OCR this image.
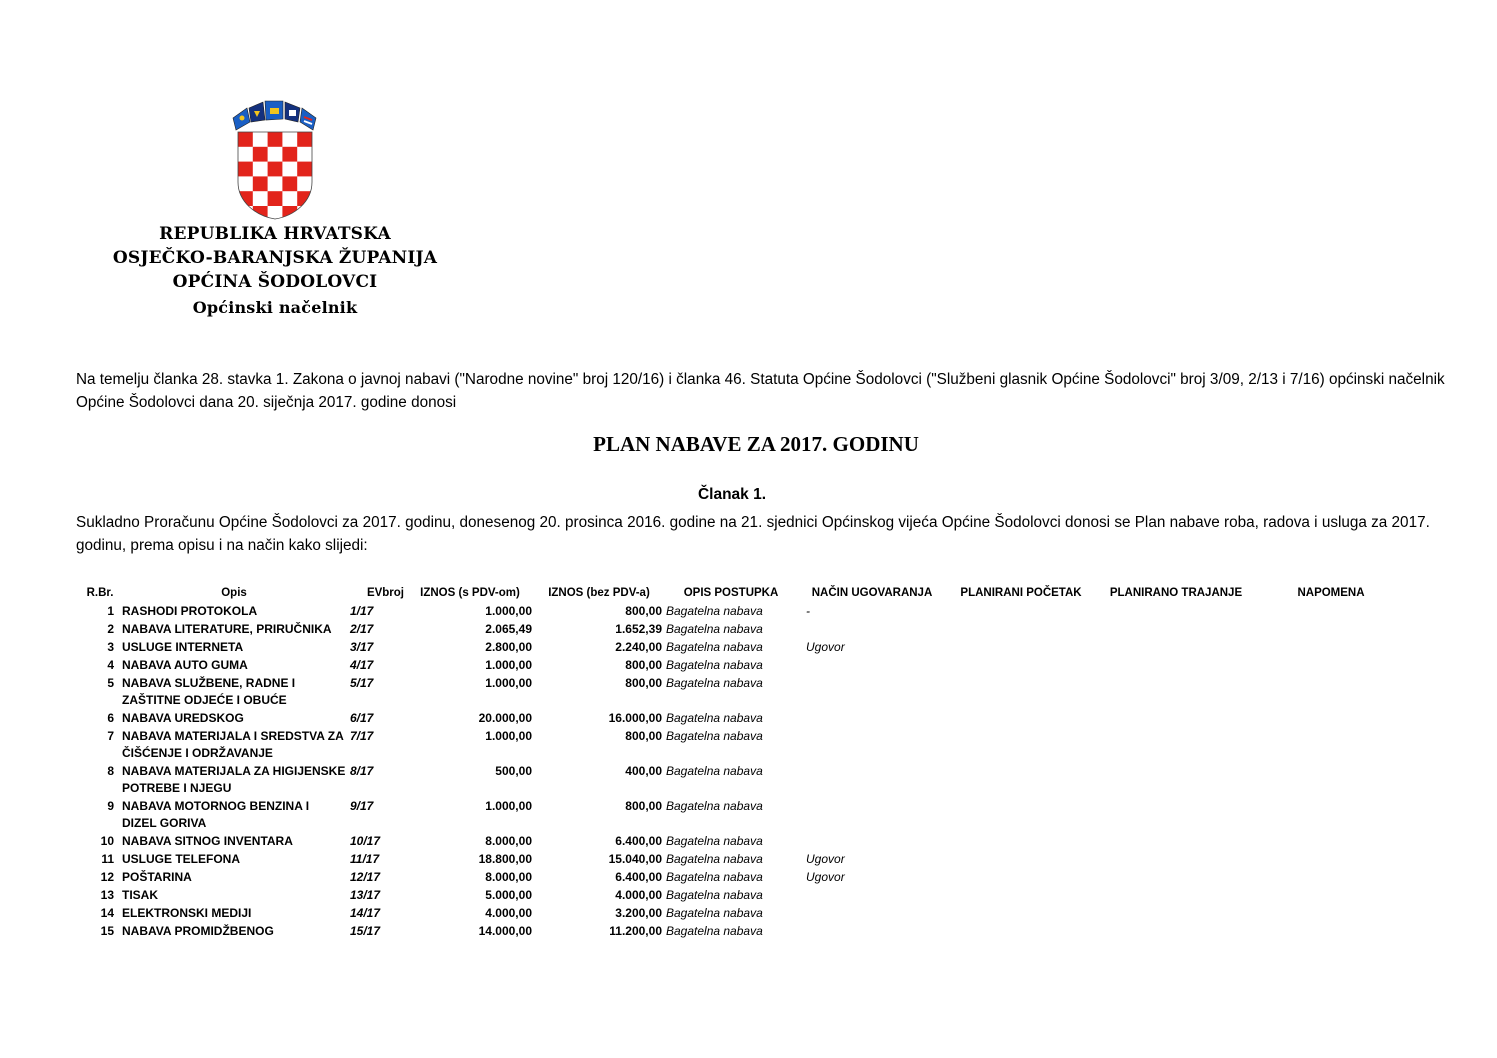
REPUBLIKA HRVATSKA
OSJEČKO-BARANJSKA ŽUPANIJA
OPĆINA ŠODOLOVCI
Općinski načelnik
Na temelju članka 28. stavka 1. Zakona o javnoj nabavi ("Narodne novine" broj 120/16) i članka 46. Statuta Općine Šodolovci ("Službeni glasnik Općine Šodolovci" broj 3/09, 2/13 i 7/16) općinski načelnik Općine Šodolovci dana 20. siječnja 2017. godine donosi
PLAN NABAVE ZA 2017. GODINU
Članak 1.
Sukladno Proračunu Općine Šodolovci za 2017. godinu, donesenog 20. prosinca 2016. godine na 21. sjednici Općinskog vijeća Općine Šodolovci donosi se Plan nabave roba, radova i usluga za 2017. godinu, prema opisu i na način kako slijedi:
R.Br.	Opis	EVbroj	IZNOS (s PDV-om)	IZNOS (bez PDV-a)	OPIS POSTUPKA	NAČIN UGOVARANJA	PLANIRANI POČETAK	PLANIRANO TRAJANJE	NAPOMENA
1	RASHODI PROTOKOLA	1/17	1.000,00	800,00	Bagatelna nabava	-			
2	NABAVA LITERATURE, PRIRUČNIKA	2/17	2.065,49	1.652,39	Bagatelna nabava				
3	USLUGE INTERNETA	3/17	2.800,00	2.240,00	Bagatelna nabava	Ugovor			
4	NABAVA AUTO GUMA	4/17	1.000,00	800,00	Bagatelna nabava				
5	NABAVA SLUŽBENE, RADNE I ZAŠTITNE ODJEĆE I OBUĆE	5/17	1.000,00	800,00	Bagatelna nabava				
6	NABAVA UREDSKOG	6/17	20.000,00	16.000,00	Bagatelna nabava				
7	NABAVA MATERIJALA I SREDSTVA ZA ČIŠĆENJE I ODRŽAVANJE	7/17	1.000,00	800,00	Bagatelna nabava				
8	NABAVA MATERIJALA ZA HIGIJENSKE POTREBE I NJEGU	8/17	500,00	400,00	Bagatelna nabava				
9	NABAVA MOTORNOG BENZINA I DIZEL GORIVA	9/17	1.000,00	800,00	Bagatelna nabava				
10	NABAVA SITNOG INVENTARA	10/17	8.000,00	6.400,00	Bagatelna nabava				
11	USLUGE TELEFONA	11/17	18.800,00	15.040,00	Bagatelna nabava	Ugovor			
12	POŠTARINA	12/17	8.000,00	6.400,00	Bagatelna nabava	Ugovor			
13	TISAK	13/17	5.000,00	4.000,00	Bagatelna nabava				
14	ELEKTRONSKI MEDIJI	14/17	4.000,00	3.200,00	Bagatelna nabava				
15	NABAVA PROMIDŽBENOG	15/17	14.000,00	11.200,00	Bagatelna nabava				
